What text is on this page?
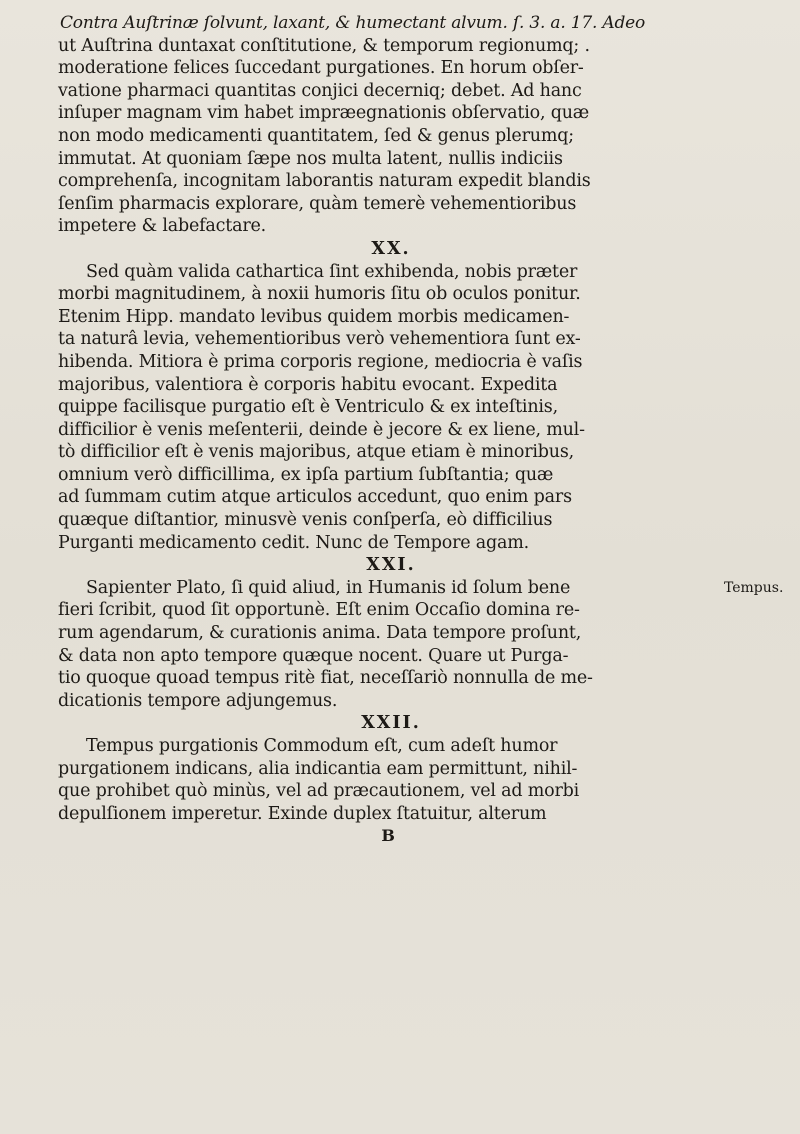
Contra Auſtrinæ ſolvunt, laxant, & humectant alvum. ſ. 3. a. 17. Adeo
ut Auſtrina duntaxat conſtitutione, & temporum regionumq; .
moderatione felices ſuccedant purgationes. En horum obſer-
vatione pharmaci quantitas conjici decerniq; debet. Ad hanc
inſuper magnam vim habet impræegnationis obſervatio, quæ
non modo medicamenti quantitatem, ſed & genus plerumq;
immutat. At quoniam ſæpe nos multa latent, nullis indiciis
comprehenſa, incognitam laborantis naturam expedit blandis
ſenſim pharmacis explorare, quàm temerè vehementioribus
impetere & labefactare.
XX.
Sed quàm valida cathartica ſint exhibenda, nobis præter
morbi magnitudinem, à noxii humoris ſitu ob oculos ponitur.
Etenim Hipp. mandato levibus quidem morbis medicamen-
ta naturâ levia, vehementioribus verò vehementiora ſunt ex-
hibenda. Mitiora è prima corporis regione, mediocria è vaſis
majoribus, valentiora è corporis habitu evocant. Expedita
quippe facilisque purgatio eſt è Ventriculo & ex inteſtinis,
difficilior è venis meſenterii, deinde è jecore & ex liene, mul-
tò difficilior eſt è venis majoribus, atque etiam è minoribus,
omnium verò difficillima, ex ipſa partium ſubſtantia; quæ
ad ſummam cutim atque articulos accedunt, quo enim pars
quæque diſtantior, minusvè venis conſperſa, eò difficilius
Purganti medicamento cedit. Nunc de Tempore agam.
XXI.
Sapienter Plato, ſi quid aliud, in Humanis id ſolum bene
fieri ſcribit, quod ſit opportunè. Eſt enim Occaſio domina re-
rum agendarum, & curationis anima. Data tempore proſunt,
& data non apto tempore quæque nocent. Quare ut Purga-
tio quoque quoad tempus ritè fiat, neceſſariò nonnulla de me-
dicationis tempore adjungemus.
XXII.
Tempus purgationis Commodum eſt, cum adeſt humor
purgationem indicans, alia indicantia eam permittunt, nihil-
que prohibet quò minùs, vel ad præcautionem, vel ad morbi
depulſionem imperetur. Exinde duplex ſtatuitur, alterum
B
Tempus.
